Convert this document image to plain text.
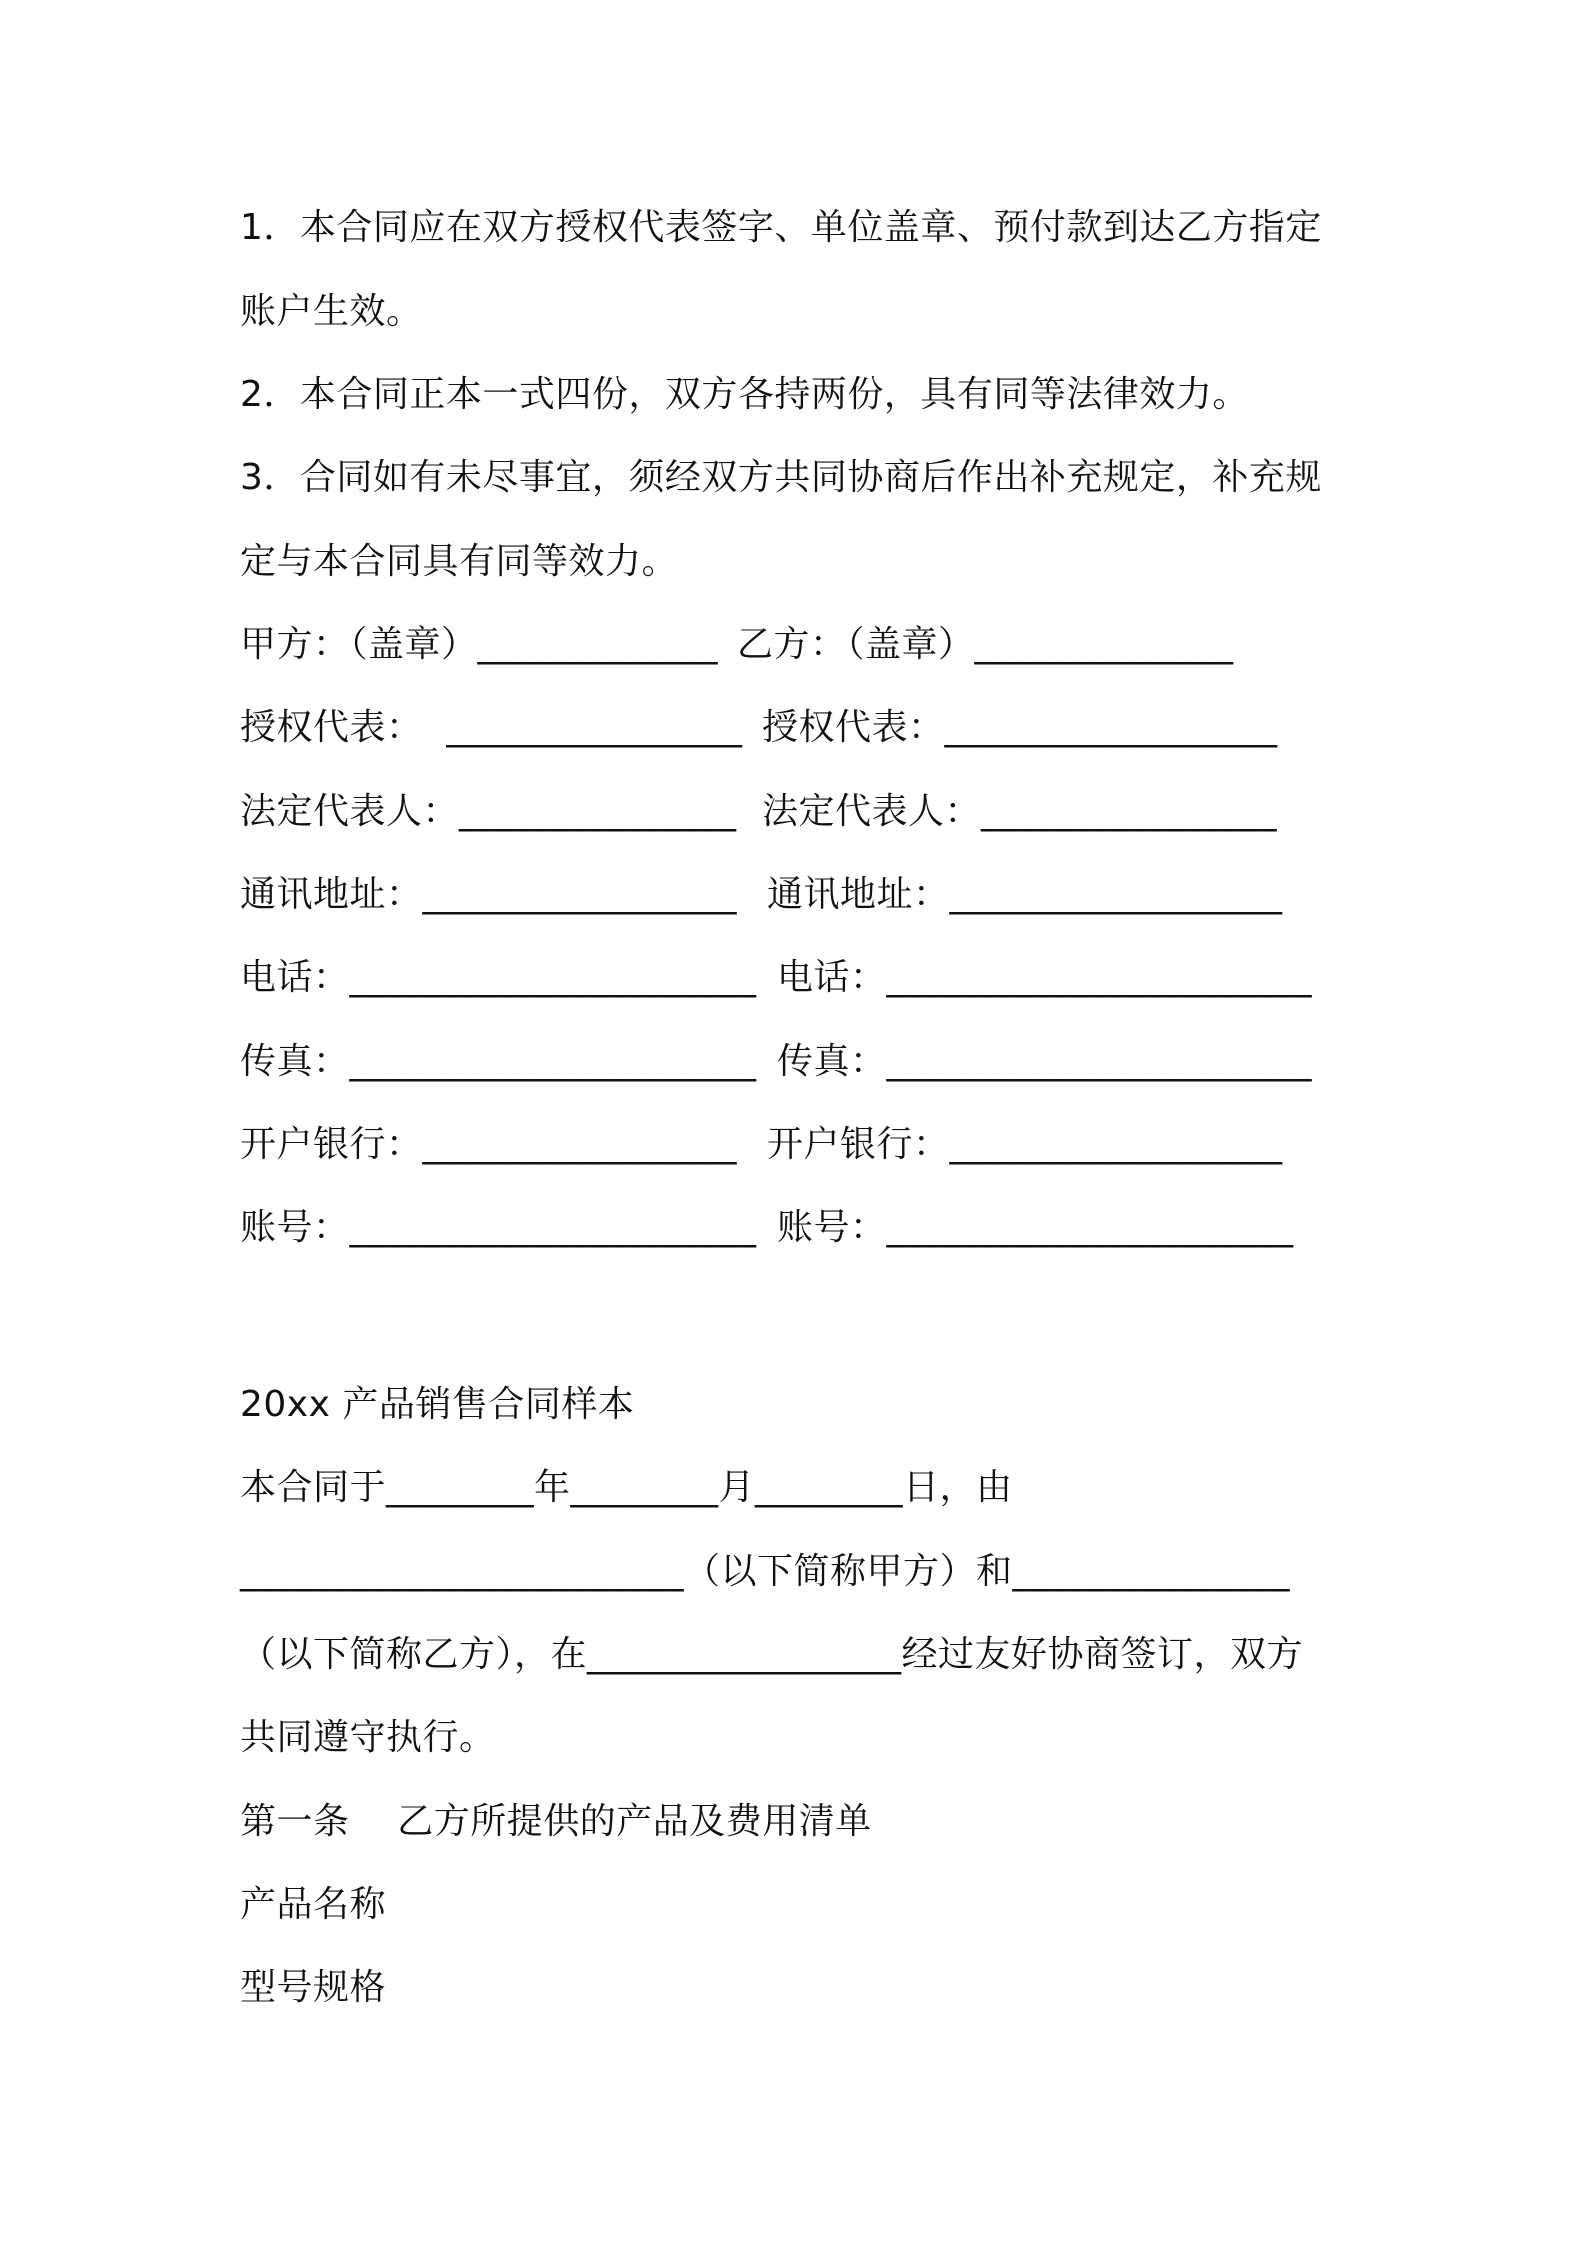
1．本合同应在双方授权代表签字、单位盖章、预付款到达乙方指定
账户生效。
2．本合同正本一式四份，双方各持两份，具有同等法律效力。
3．合同如有未尽事宜，须经双方共同协商后作出补充规定，补充规
定与本合同具有同等效力。
甲方：（盖章）_____________ 乙方：（盖章）______________
授权代表：  ________________ 授权代表：__________________
法定代表人：_______________ 法定代表人：________________
通讯地址：_________________ 通讯地址：__________________
电话：______________________ 电话：_______________________
传真：______________________ 传真：_______________________
开户银行：_________________ 开户银行：__________________
账号：______________________ 账号：______________________
20xx 产品销售合同样本
本合同于________年________月________日，由
________________________（以下简称甲方）和_______________
（以下简称乙方），在_________________经过友好协商签订，双方
共同遵守执行。
第一条    乙方所提供的产品及费用清单
产品名称
型号规格
